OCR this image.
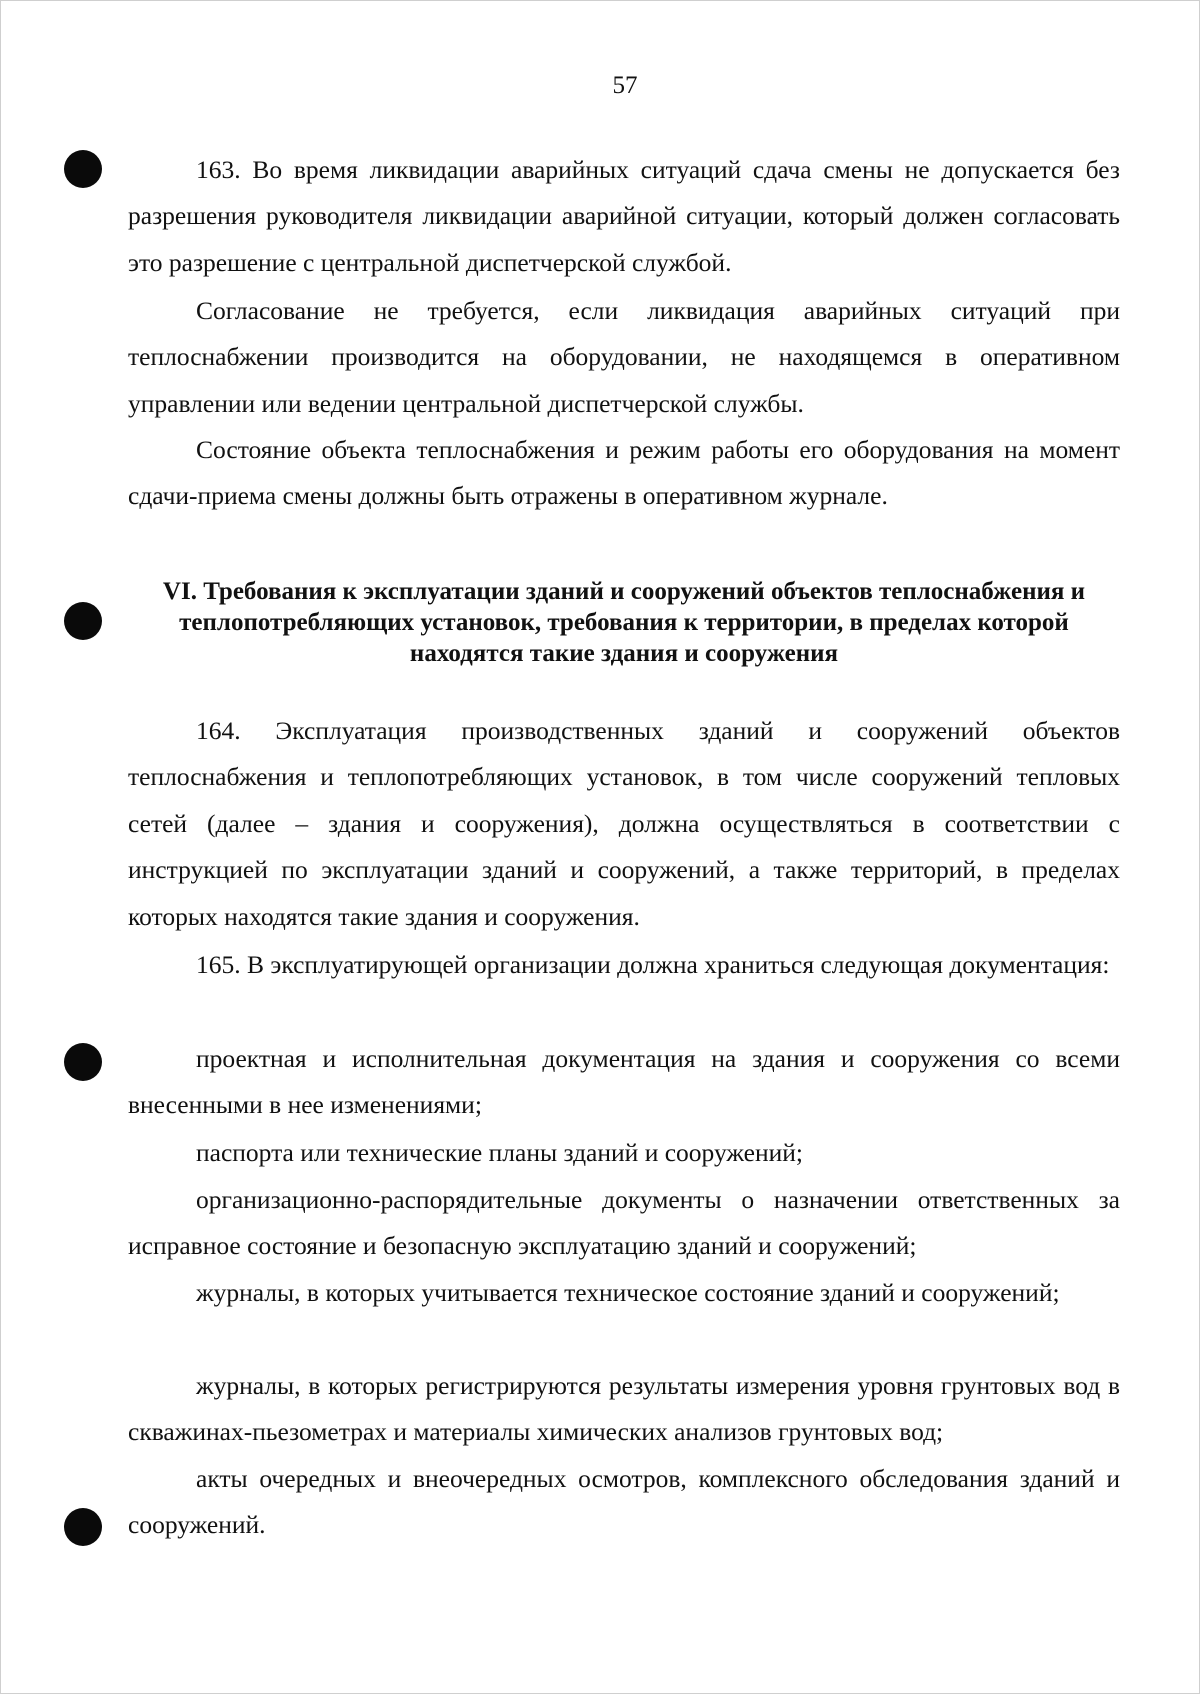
57

163. Во время ликвидации аварийных ситуаций сдача смены не допускается без разрешения руководителя ликвидации аварийной ситуации, который должен согласовать это разрешение с центральной диспетчерской службой.

Согласование не требуется, если ликвидация аварийных ситуаций при теплоснабжении производится на оборудовании, не находящемся в оперативном управлении или ведении центральной диспетчерской службы.

Состояние объекта теплоснабжения и режим работы его оборудования на момент сдачи-приема смены должны быть отражены в оперативном журнале.

VI. Требования к эксплуатации зданий и сооружений объектов теплоснабжения и теплопотребляющих установок, требования к территории, в пределах которой находятся такие здания и сооружения

164. Эксплуатация производственных зданий и сооружений объектов теплоснабжения и теплопотребляющих установок, в том числе сооружений тепловых сетей (далее – здания и сооружения), должна осуществляться в соответствии с инструкцией по эксплуатации зданий и сооружений, а также территорий, в пределах которых находятся такие здания и сооружения.

165. В эксплуатирующей организации должна храниться следующая документация:

проектная и исполнительная документация на здания и сооружения со всеми внесенными в нее изменениями;

паспорта или технические планы зданий и сооружений;

организационно-распорядительные документы о назначении ответственных за исправное состояние и безопасную эксплуатацию зданий и сооружений;

журналы, в которых учитывается техническое состояние зданий и сооружений;

журналы, в которых регистрируются результаты измерения уровня грунтовых вод в скважинах-пьезометрах и материалы химических анализов грунтовых вод;

акты очередных и внеочередных осмотров, комплексного обследования зданий и сооружений.
